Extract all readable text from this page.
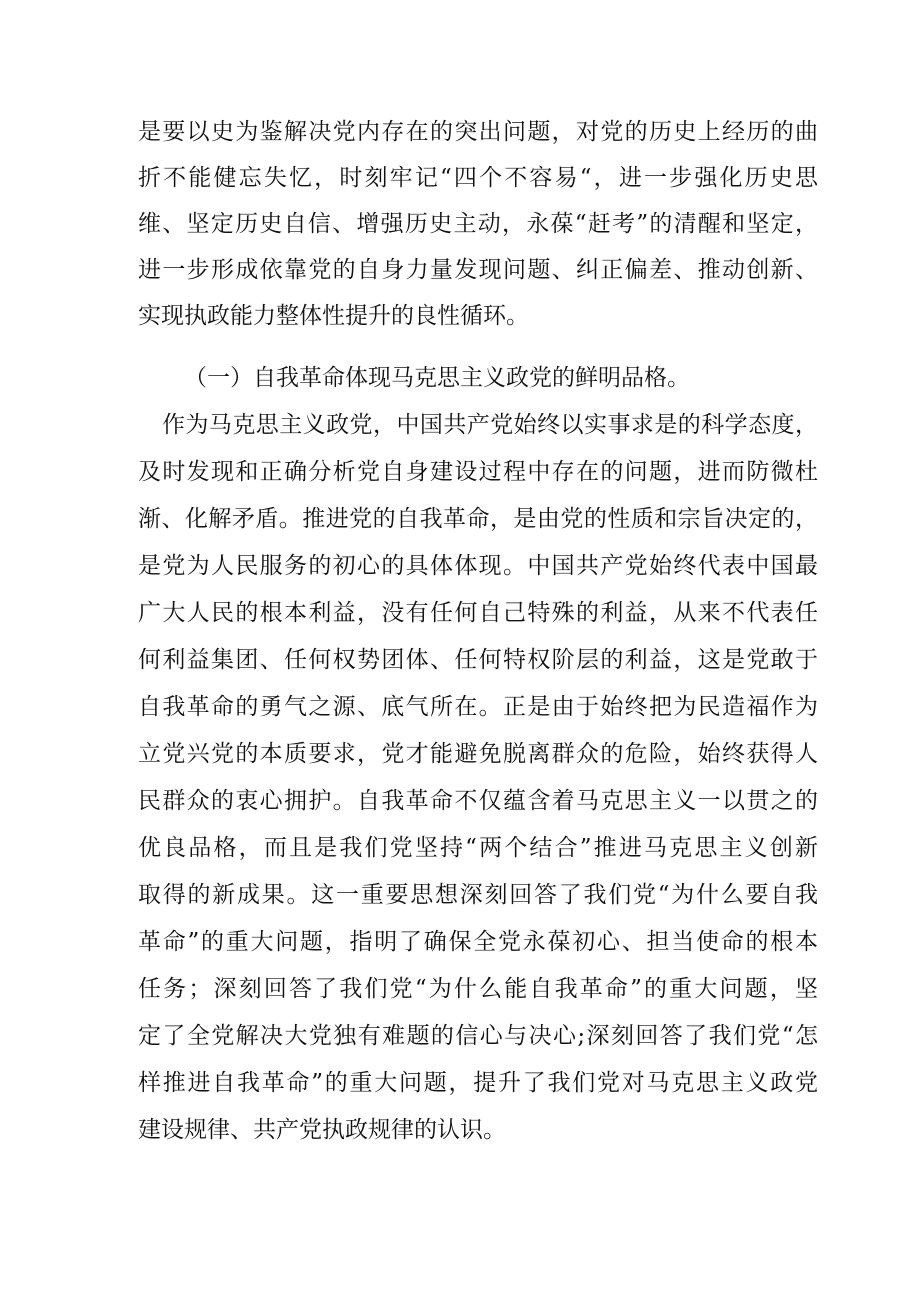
是要以史为鉴解决党内存在的突出问题，对党的历史上经历的曲
折不能健忘失忆，时刻牢记“四个不容易“，进一步强化历史思
维、坚定历史自信、增强历史主动，永葆“赶考”的清醒和坚定，
进一步形成依靠党的自身力量发现问题、纠正偏差、推动创新、
实现执政能力整体性提升的良性循环。
（一）自我革命体现马克思主义政党的鲜明品格。
作为马克思主义政党，中国共产党始终以实事求是的科学态度，
及时发现和正确分析党自身建设过程中存在的问题，进而防微杜
渐、化解矛盾。推进党的自我革命，是由党的性质和宗旨决定的，
是党为人民服务的初心的具体体现。中国共产党始终代表中国最
广大人民的根本利益，没有任何自己特殊的利益，从来不代表任
何利益集团、任何权势团体、任何特权阶层的利益，这是党敢于
自我革命的勇气之源、底气所在。正是由于始终把为民造福作为
立党兴党的本质要求，党才能避免脱离群众的危险，始终获得人
民群众的衷心拥护。自我革命不仅蕴含着马克思主义一以贯之的
优良品格，而且是我们党坚持“两个结合”推进马克思主义创新
取得的新成果。这一重要思想深刻回答了我们党“为什么要自我
革命”的重大问题，指明了确保全党永葆初心、担当使命的根本
任务；深刻回答了我们党“为什么能自我革命”的重大问题，坚
定了全党解决大党独有难题的信心与决心;深刻回答了我们党“怎
样推进自我革命”的重大问题，提升了我们党对马克思主义政党
建设规律、共产党执政规律的认识。
